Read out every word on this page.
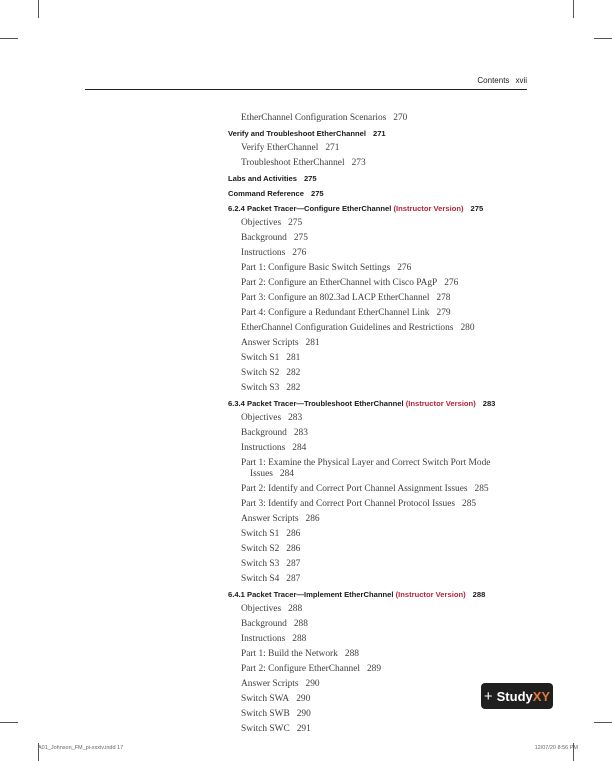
Contents xvii
EtherChannel Configuration Scenarios 270
Verify and Troubleshoot EtherChannel 271
Verify EtherChannel 271
Troubleshoot EtherChannel 273
Labs and Activities 275
Command Reference 275
6.2.4 Packet Tracer—Configure EtherChannel (Instructor Version) 275
Objectives 275
Background 275
Instructions 276
Part 1: Configure Basic Switch Settings 276
Part 2: Configure an EtherChannel with Cisco PAgP 276
Part 3: Configure an 802.3ad LACP EtherChannel 278
Part 4: Configure a Redundant EtherChannel Link 279
EtherChannel Configuration Guidelines and Restrictions 280
Answer Scripts 281
Switch S1 281
Switch S2 282
Switch S3 282
6.3.4 Packet Tracer—Troubleshoot EtherChannel (Instructor Version) 283
Objectives 283
Background 283
Instructions 284
Part 1: Examine the Physical Layer and Correct Switch Port Mode
Issues 284
Part 2: Identify and Correct Port Channel Assignment Issues 285
Part 3: Identify and Correct Port Channel Protocol Issues 285
Answer Scripts 286
Switch S1 286
Switch S2 286
Switch S3 287
Switch S4 287
6.4.1 Packet Tracer—Implement EtherChannel (Instructor Version) 288
Objectives 288
Background 288
Instructions 288
Part 1: Build the Network 288
Part 2: Configure EtherChannel 289
Answer Scripts 290
Switch SWA 290
Switch SWB 290
Switch SWC 291
+ StudyXY
A01_Johnson_FM_pi-xxxiv.indd 17	12/07/20 8:56 PM
